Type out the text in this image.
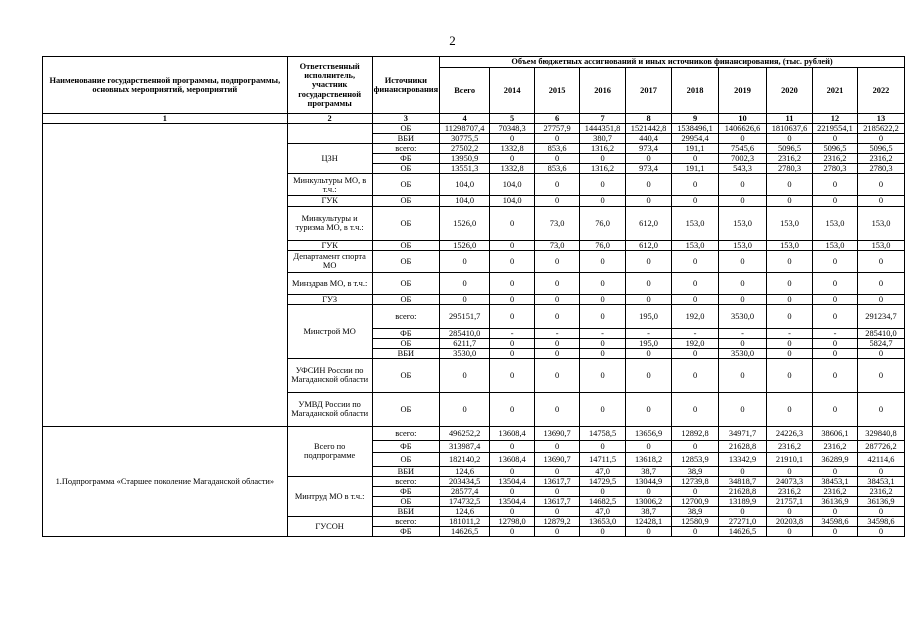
2
Наименование государственной программы, подпрограммы, основных мероприятий, мероприятий	Ответственный исполнитель, участник государственной программы	Источники финансирования	Объем бюджетных ассигнований и иных источников финансирования, (тыс. рублей)									
			Всего	2014	2015	2016	2017	2018	2019	2020	2021	2022
1	2	3	4	5	6	7	8	9	10	11	12	13
		ОБ	11298707,4	70348,3	27757,9	1444351,8	1521442,8	1538496,1	1406626,6	1810637,6	2219554,1	2185622,2
		ВБИ	30775,5	0	0	380,7	440,4	29954,4	0	0	0	0
	ЦЗН	всего:	27502,2	1332,8	853,6	1316,2	973,4	191,1	7545,6	5096,5	5096,5	5096,5
		ФБ	13950,9	0	0	0	0	0	7002,3	2316,2	2316,2	2316,2
		ОБ	13551,3	1332,8	853,6	1316,2	973,4	191,1	543,3	2780,3	2780,3	2780,3
	Минкультуры МО, в т.ч.:	ОБ	104,0	104,0	0	0	0	0	0	0	0	0
	ГУК	ОБ	104,0	104,0	0	0	0	0	0	0	0	0
	Минкультуры и туризма МО, в т.ч.:	ОБ	1526,0	0	73,0	76,0	612,0	153,0	153,0	153,0	153,0	153,0
	ГУК	ОБ	1526,0	0	73,0	76,0	612,0	153,0	153,0	153,0	153,0	153,0
	Департамент спорта МО	ОБ	0	0	0	0	0	0	0	0	0	0
	Минздрав МО, в т.ч.:	ОБ	0	0	0	0	0	0	0	0	0	0
	ГУЗ	ОБ	0	0	0	0	0	0	0	0	0	0
	Минстрой МО	всего:	295151,7	0	0	0	195,0	192,0	3530,0	0	0	291234,7
		ФБ	285410,0	-	-	-	-	-	-	-	-	285410,0
		ОБ	6211,7	0	0	0	195,0	192,0	0	0	0	5824,7
		ВБИ	3530,0	0	0	0	0	0	3530,0	0	0	0
	УФСИН России по Магаданской области	ОБ	0	0	0	0	0	0	0	0	0	0
	УМВД России по Магаданской области	ОБ	0	0	0	0	0	0	0	0	0	0
1.Подпрограмма «Старшее поколение Магаданской области»	Всего по подпрограмме	всего:	496252,2	13608,4	13690,7	14758,5	13656,9	12892,8	34971,7	24226,3	38606,1	329840,8
		ФБ	313987,4	0	0	0	0	0	21628,8	2316,2	2316,2	287726,2
		ОБ	182140,2	13608,4	13690,7	14711,5	13618,2	12853,9	13342,9	21910,1	36289,9	42114,6
		ВБИ	124,6	0	0	47,0	38,7	38,9	0	0	0	0
	Минтруд МО в т.ч.:	всего:	203434,5	13504,4	13617,7	14729,5	13044,9	12739,8	34818,7	24073,3	38453,1	38453,1
		ФБ	28577,4	0	0	0	0	0	21628,8	2316,2	2316,2	2316,2
		ОБ	174732,5	13504,4	13617,7	14682,5	13006,2	12700,9	13189,9	21757,1	36136,9	36136,9
		ВБИ	124,6	0	0	47,0	38,7	38,9	0	0	0	0
	ГУСОН	всего:	181011,2	12798,0	12879,2	13653,0	12428,1	12580,9	27271,0	20203,8	34598,6	34598,6
		ФБ	14626,5	0	0	0	0	0	14626,5	0	0	0
